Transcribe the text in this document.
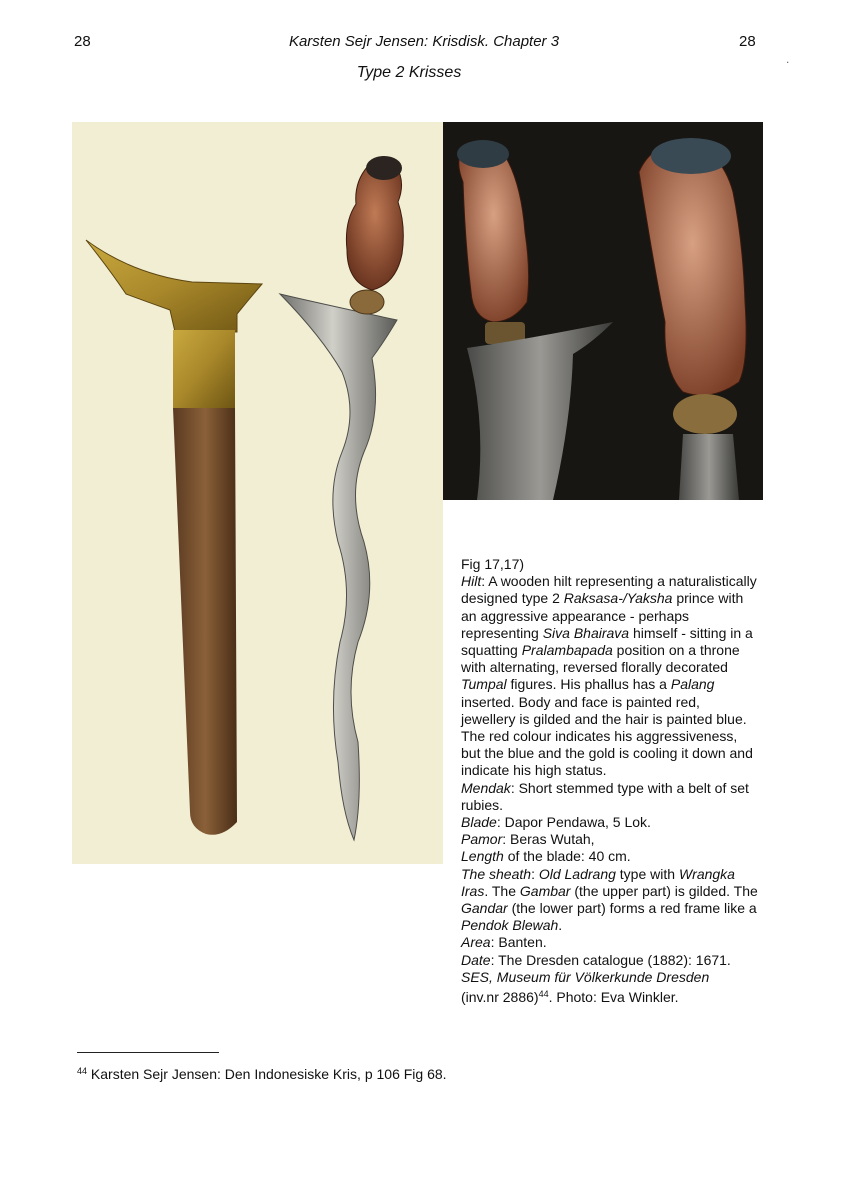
28	Karsten Sejr Jensen: Krisdisk. Chapter 3	28
.
Type 2 Krisses
Fig 17,17)
Hilt: A wooden hilt representing a naturalistically
designed type 2 Raksasa-/Yaksha prince with
an aggressive appearance - perhaps
representing Siva Bhairava himself - sitting in a
squatting Pralambapada position on a throne
with alternating, reversed florally decorated
Tumpal figures. His phallus has a Palang
inserted. Body and face is painted red,
jewellery is gilded and the hair is painted blue.
The red colour indicates his aggressiveness,
but the blue and the gold is cooling it down and
indicate his high status.
Mendak: Short stemmed type with a belt of set
rubies.
Blade: Dapor Pendawa, 5 Lok.
Pamor: Beras Wutah,
Length of the blade: 40 cm.
The sheath: Old Ladrang type with Wrangka
Iras. The Gambar (the upper part) is gilded. The
Gandar (the lower part) forms a red frame like a
Pendok Blewah.
Area: Banten.
Date: The Dresden catalogue (1882): 1671.
SES, Museum für Völkerkunde Dresden
(inv.nr 2886)$^{44}$. Photo: Eva Winkler.
$^{44}$ Karsten Sejr Jensen: Den Indonesiske Kris, p 106 Fig 68.
